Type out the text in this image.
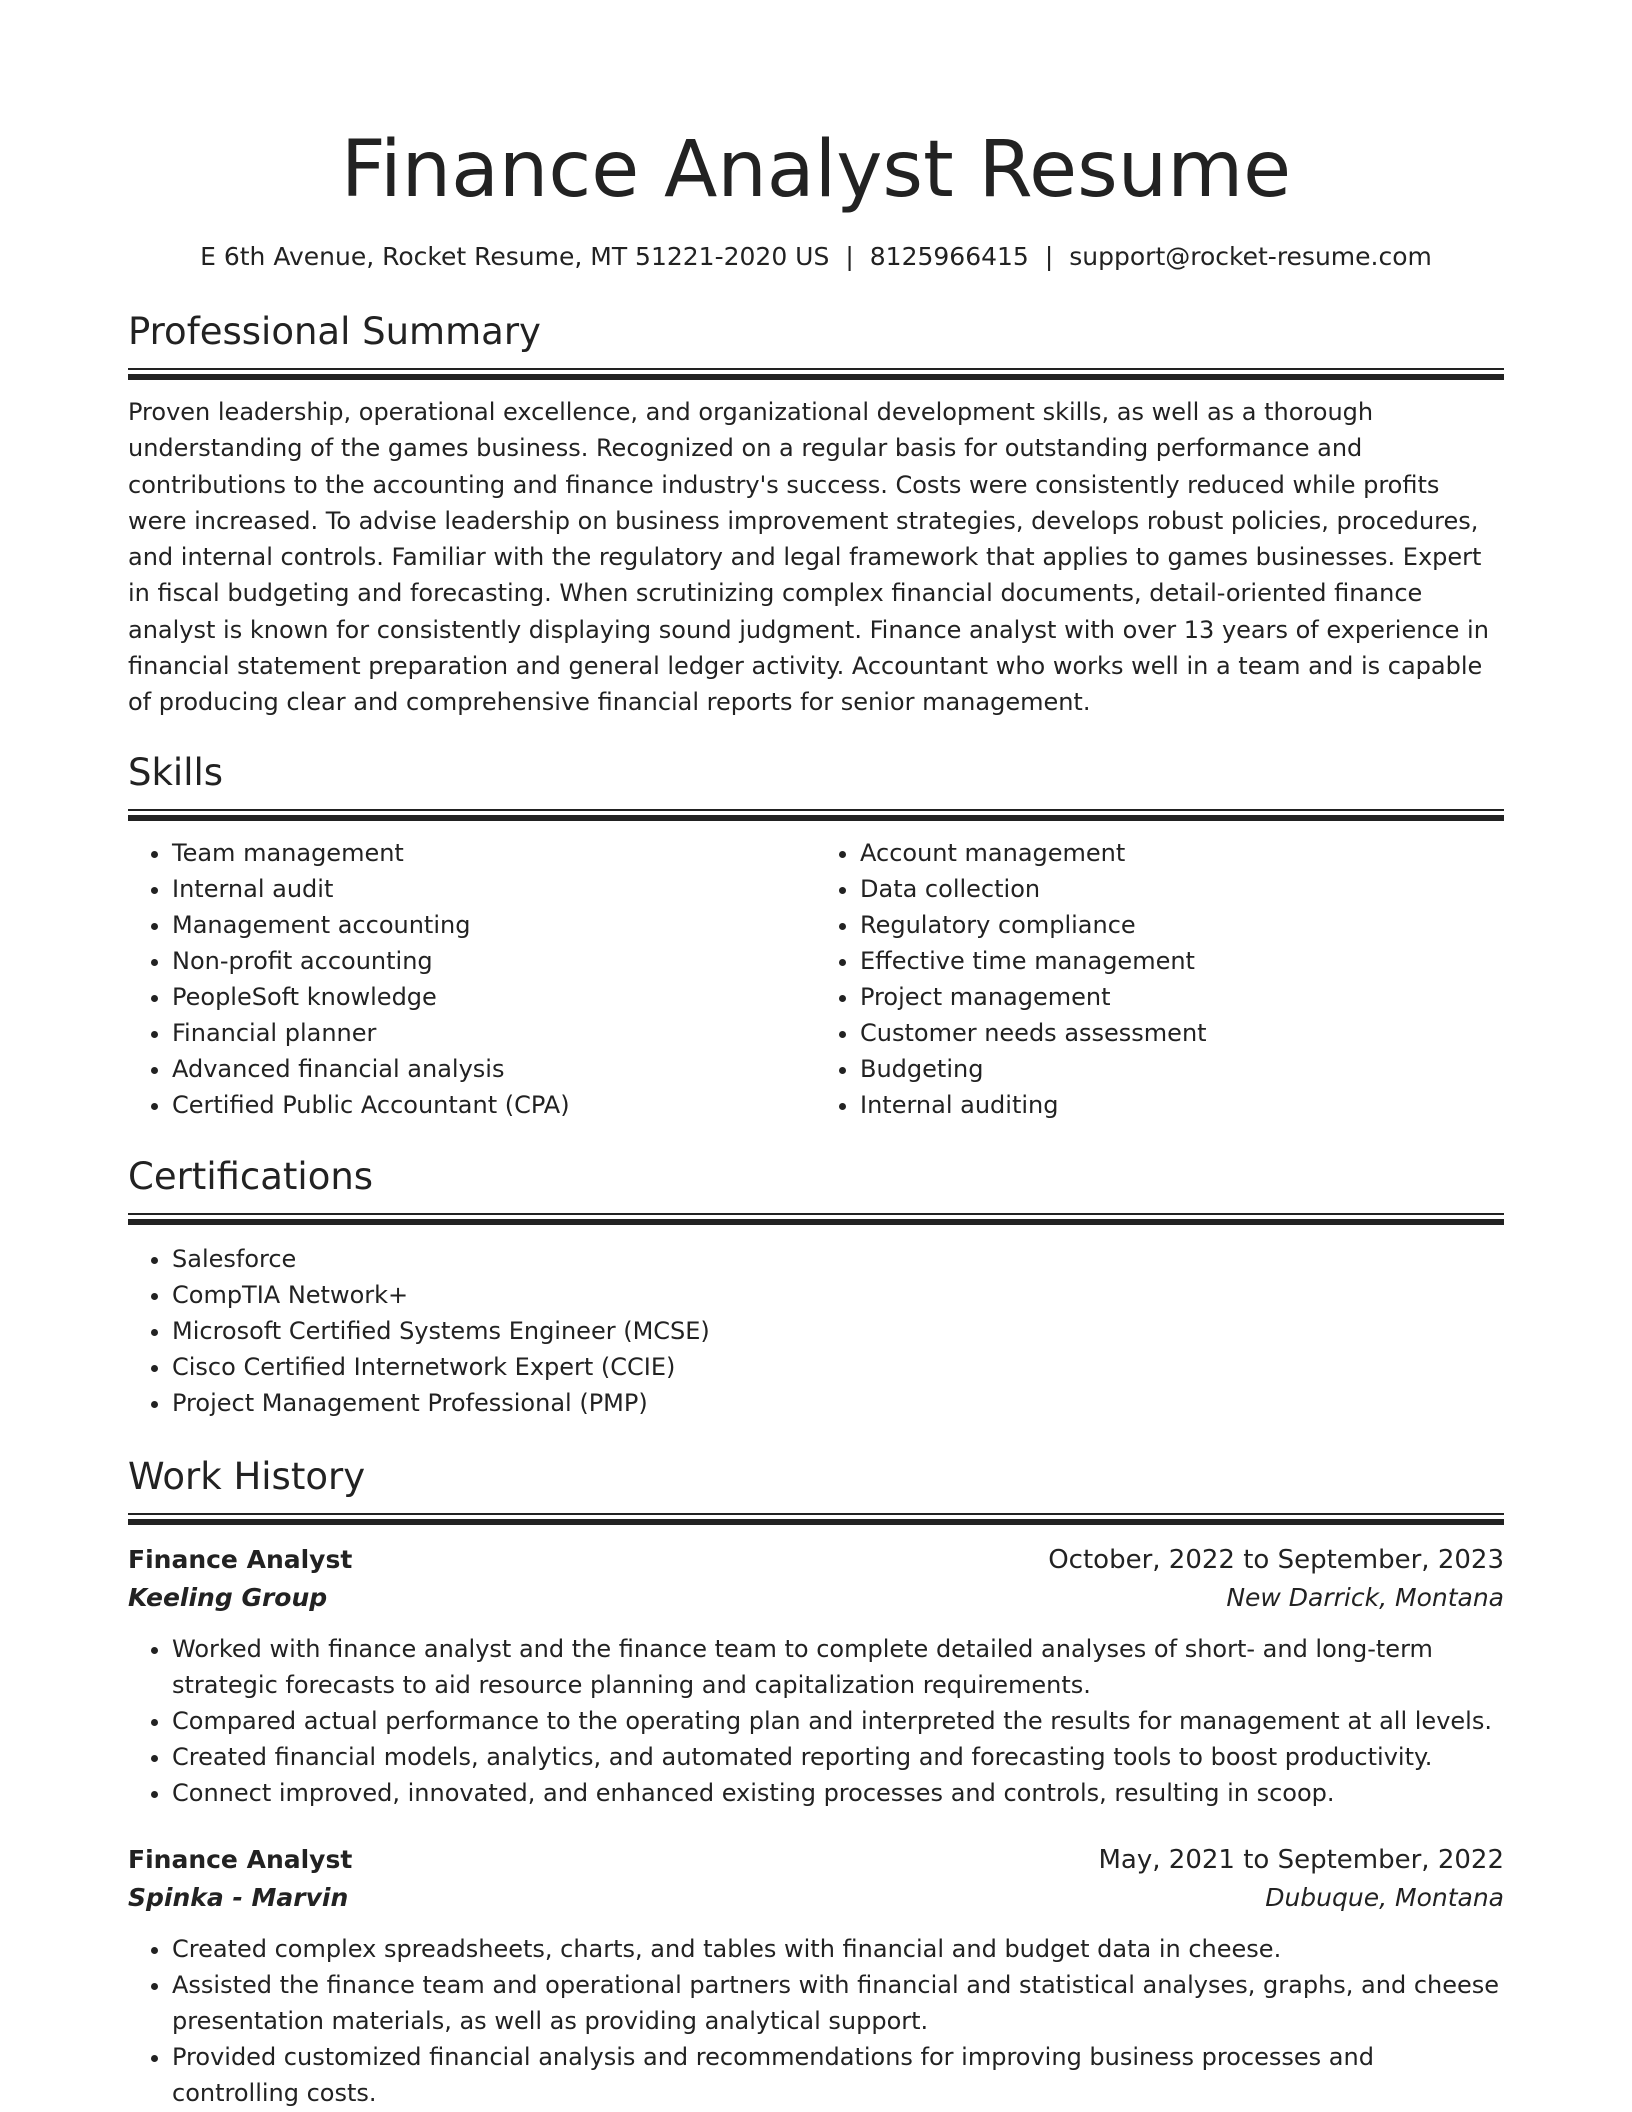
Finance Analyst Resume
E 6th Avenue, Rocket Resume, MT 51221-2020 US | 8125966415 | support@rocket-resume.com
Professional Summary

Proven leadership, operational excellence, and organizational development skills, as well as a thorough understanding of the games business. Recognized on a regular basis for outstanding performance and contributions to the accounting and finance industry's success. Costs were consistently reduced while profits were increased. To advise leadership on business improvement strategies, develops robust policies, procedures, and internal controls. Familiar with the regulatory and legal framework that applies to games businesses. Expert in fiscal budgeting and forecasting. When scrutinizing complex financial documents, detail-oriented finance analyst is known for consistently displaying sound judgment. Finance analyst with over 13 years of experience in financial statement preparation and general ledger activity. Accountant who works well in a team and is capable of producing clear and comprehensive financial reports for senior management.

Skills
• Team management
• Internal audit
• Management accounting
• Non-profit accounting
• PeopleSoft knowledge
• Financial planner
• Advanced financial analysis
• Certified Public Accountant (CPA)
• Account management
• Data collection
• Regulatory compliance
• Effective time management
• Project management
• Customer needs assessment
• Budgeting
• Internal auditing
Certifications
• Salesforce
• CompTIA Network+
• Microsoft Certified Systems Engineer (MCSE)
• Cisco Certified Internetwork Expert (CCIE)
• Project Management Professional (PMP)
Work History
Finance Analyst	October, 2022 to September, 2023
Keeling Group	New Darrick, Montana
• Worked with finance analyst and the finance team to complete detailed analyses of short- and long-term strategic forecasts to aid resource planning and capitalization requirements.
• Compared actual performance to the operating plan and interpreted the results for management at all levels.
• Created financial models, analytics, and automated reporting and forecasting tools to boost productivity.
• Connect improved, innovated, and enhanced existing processes and controls, resulting in scoop.
Finance Analyst	May, 2021 to September, 2022
Spinka - Marvin	Dubuque, Montana
• Created complex spreadsheets, charts, and tables with financial and budget data in cheese.
• Assisted the finance team and operational partners with financial and statistical analyses, graphs, and cheese presentation materials, as well as providing analytical support.
• Provided customized financial analysis and recommendations for improving business processes and controlling costs.
